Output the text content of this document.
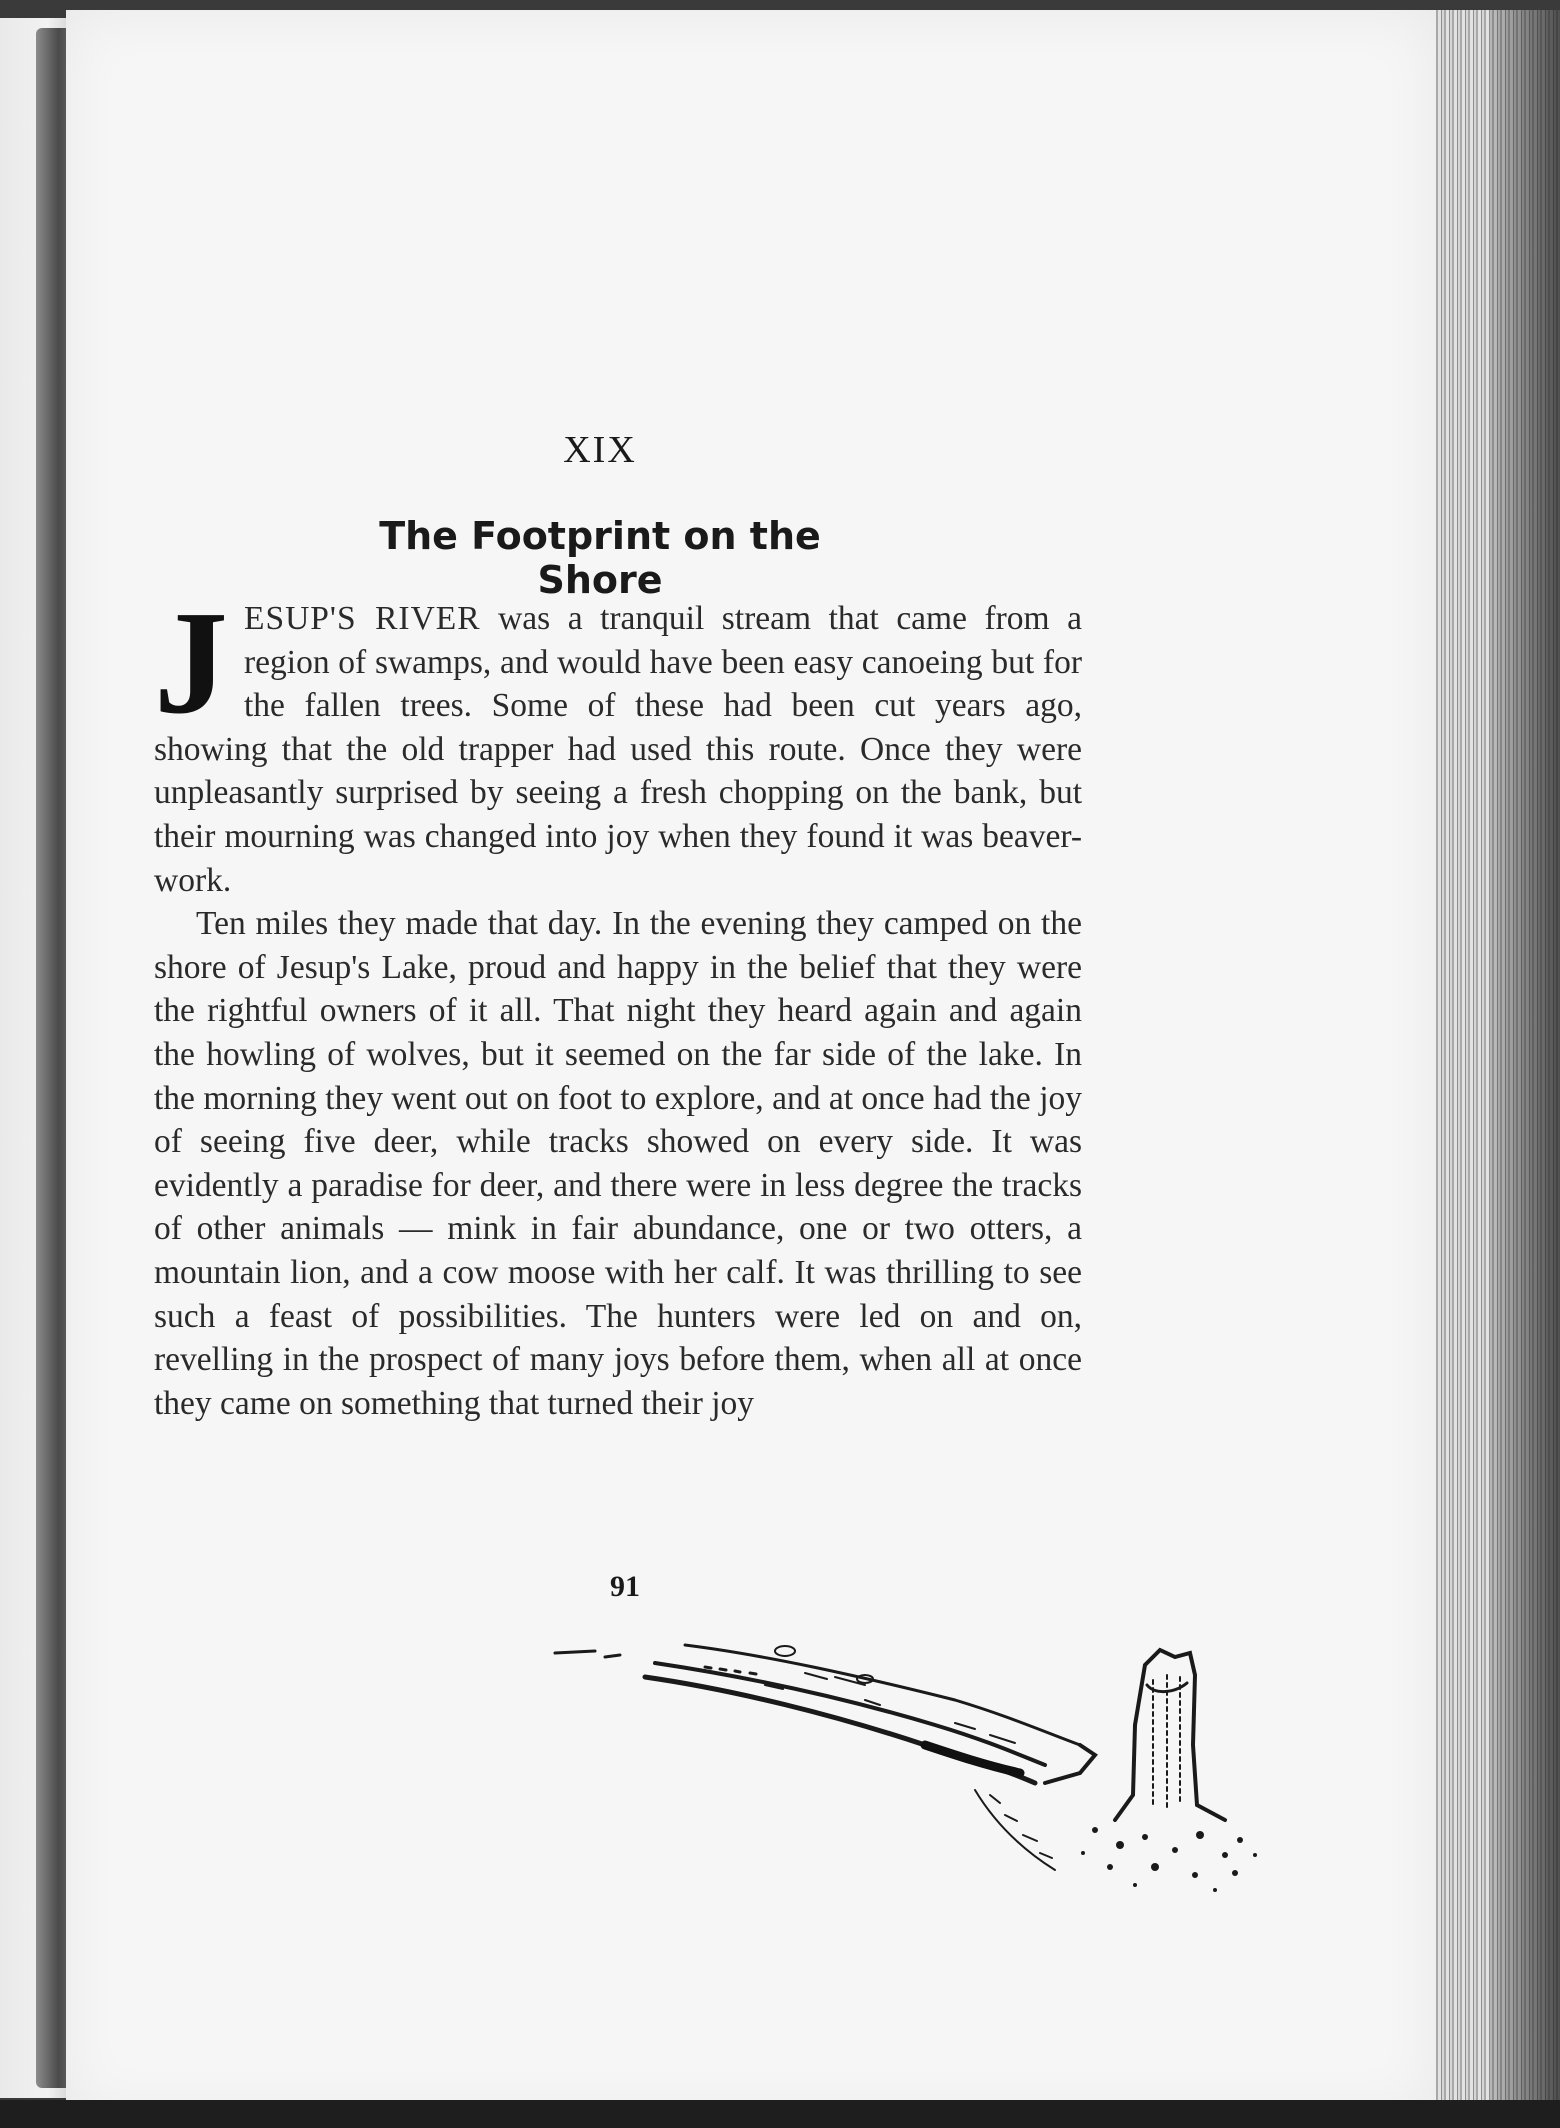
XIX
The Footprint on the Shore

JESUP'S RIVER was a tranquil stream that came from a region of swamps, and would have been easy canoeing but for the fallen trees. Some of these had been cut years ago, showing that the old trapper had used this route. Once they were unpleasantly surprised by seeing a fresh chopping on the bank, but their mourning was changed into joy when they found it was beaver-work.

Ten miles they made that day. In the evening they camped on the shore of Jesup's Lake, proud and happy in the belief that they were the rightful owners of it all. That night they heard again and again the howling of wolves, but it seemed on the far side of the lake. In the morning they went out on foot to explore, and at once had the joy of seeing five deer, while tracks showed on every side. It was evidently a paradise for deer, and there were in less degree the tracks of other animals — mink in fair abundance, one or two otters, a mountain lion, and a cow moose with her calf. It was thrilling to see such a feast of possibilities. The hunters were led on and on, revelling in the prospect of many joys before them, when all at once they came on something that turned their joy

91
